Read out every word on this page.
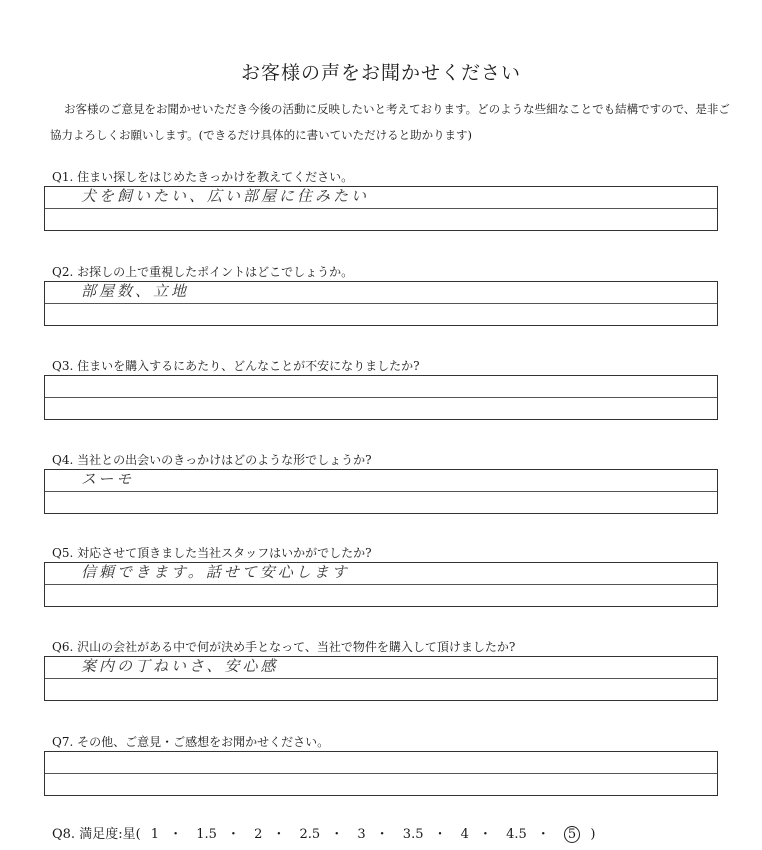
お客様の声をお聞かせください
お客様のご意見をお聞かせいただき今後の活動に反映したいと考えております。どのような些細なことでも結構ですので、是非ご協力よろしくお願いします。(できるだけ具体的に書いていただけると助かります)
Q1. 住まい探しをはじめたきっかけを教えてください。
犬を飼いたい、広い部屋に住みたい
Q2. お探しの上で重視したポイントはどこでしょうか。
部屋数、立地
Q3. 住まいを購入するにあたり、どんなことが不安になりましたか?
Q4. 当社との出会いのきっかけはどのような形でしょうか?
スーモ
Q5. 対応させて頂きました当社スタッフはいかがでしたか?
信頼できます。話せて安心します
Q6. 沢山の会社がある中で何が決め手となって、当社で物件を購入して頂けましたか?
案内の丁ねいさ、安心感
Q7. その他、ご意見・ご感想をお聞かせください。
Q8. 満足度:星( 1 ・ 1.5 ・ 2 ・ 2.5 ・ 3 ・ 3.5 ・ 4 ・ 4.5 ・ 5 )
